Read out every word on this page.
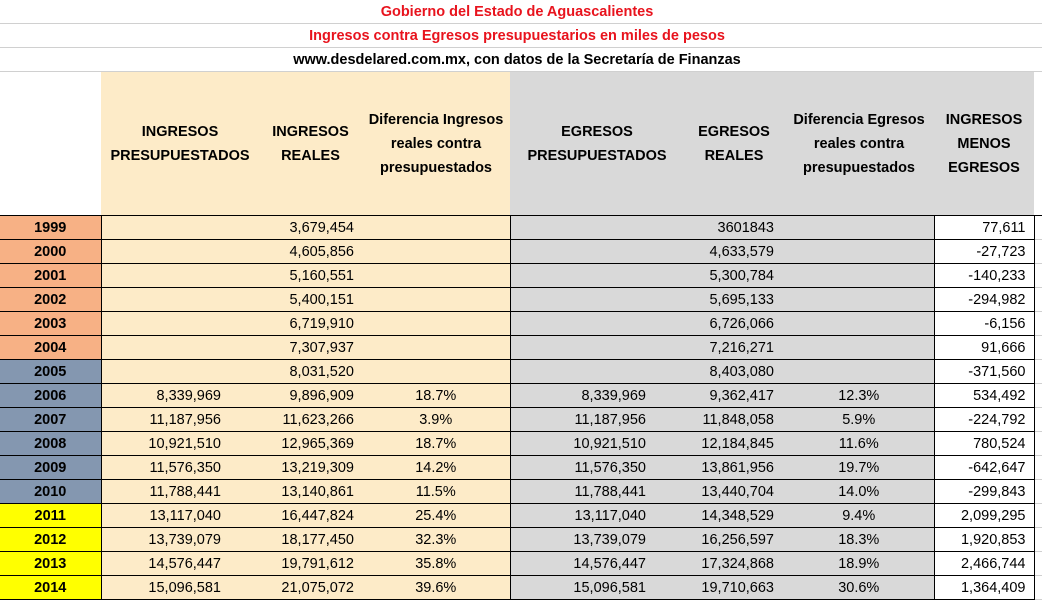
Gobierno del Estado de Aguascalientes								
Ingresos contra Egresos presupuestarios en miles de pesos								
www.desdelared.com.mx, con datos de la Secretaría de Finanzas								
	INGRESOS PRESUPUESTADOS	INGRESOS REALES	Diferencia Ingresos reales contra presupuestados	EGRESOS PRESUPUESTADOS	EGRESOS REALES	Diferencia Egresos reales contra presupuestados	INGRESOS MENOS EGRESOS	
1999		3,679,454			3601843		77,611	
2000		4,605,856			4,633,579		-27,723	
2001		5,160,551			5,300,784		-140,233	
2002		5,400,151			5,695,133		-294,982	
2003		6,719,910			6,726,066		-6,156	
2004		7,307,937			7,216,271		91,666	
2005		8,031,520			8,403,080		-371,560	
2006	8,339,969	9,896,909	18.7%	8,339,969	9,362,417	12.3%	534,492	
2007	11,187,956	11,623,266	3.9%	11,187,956	11,848,058	5.9%	-224,792	
2008	10,921,510	12,965,369	18.7%	10,921,510	12,184,845	11.6%	780,524	
2009	11,576,350	13,219,309	14.2%	11,576,350	13,861,956	19.7%	-642,647	
2010	11,788,441	13,140,861	11.5%	11,788,441	13,440,704	14.0%	-299,843	
2011	13,117,040	16,447,824	25.4%	13,117,040	14,348,529	9.4%	2,099,295	
2012	13,739,079	18,177,450	32.3%	13,739,079	16,256,597	18.3%	1,920,853	
2013	14,576,447	19,791,612	35.8%	14,576,447	17,324,868	18.9%	2,466,744	
2014	15,096,581	21,075,072	39.6%	15,096,581	19,710,663	30.6%	1,364,409	
